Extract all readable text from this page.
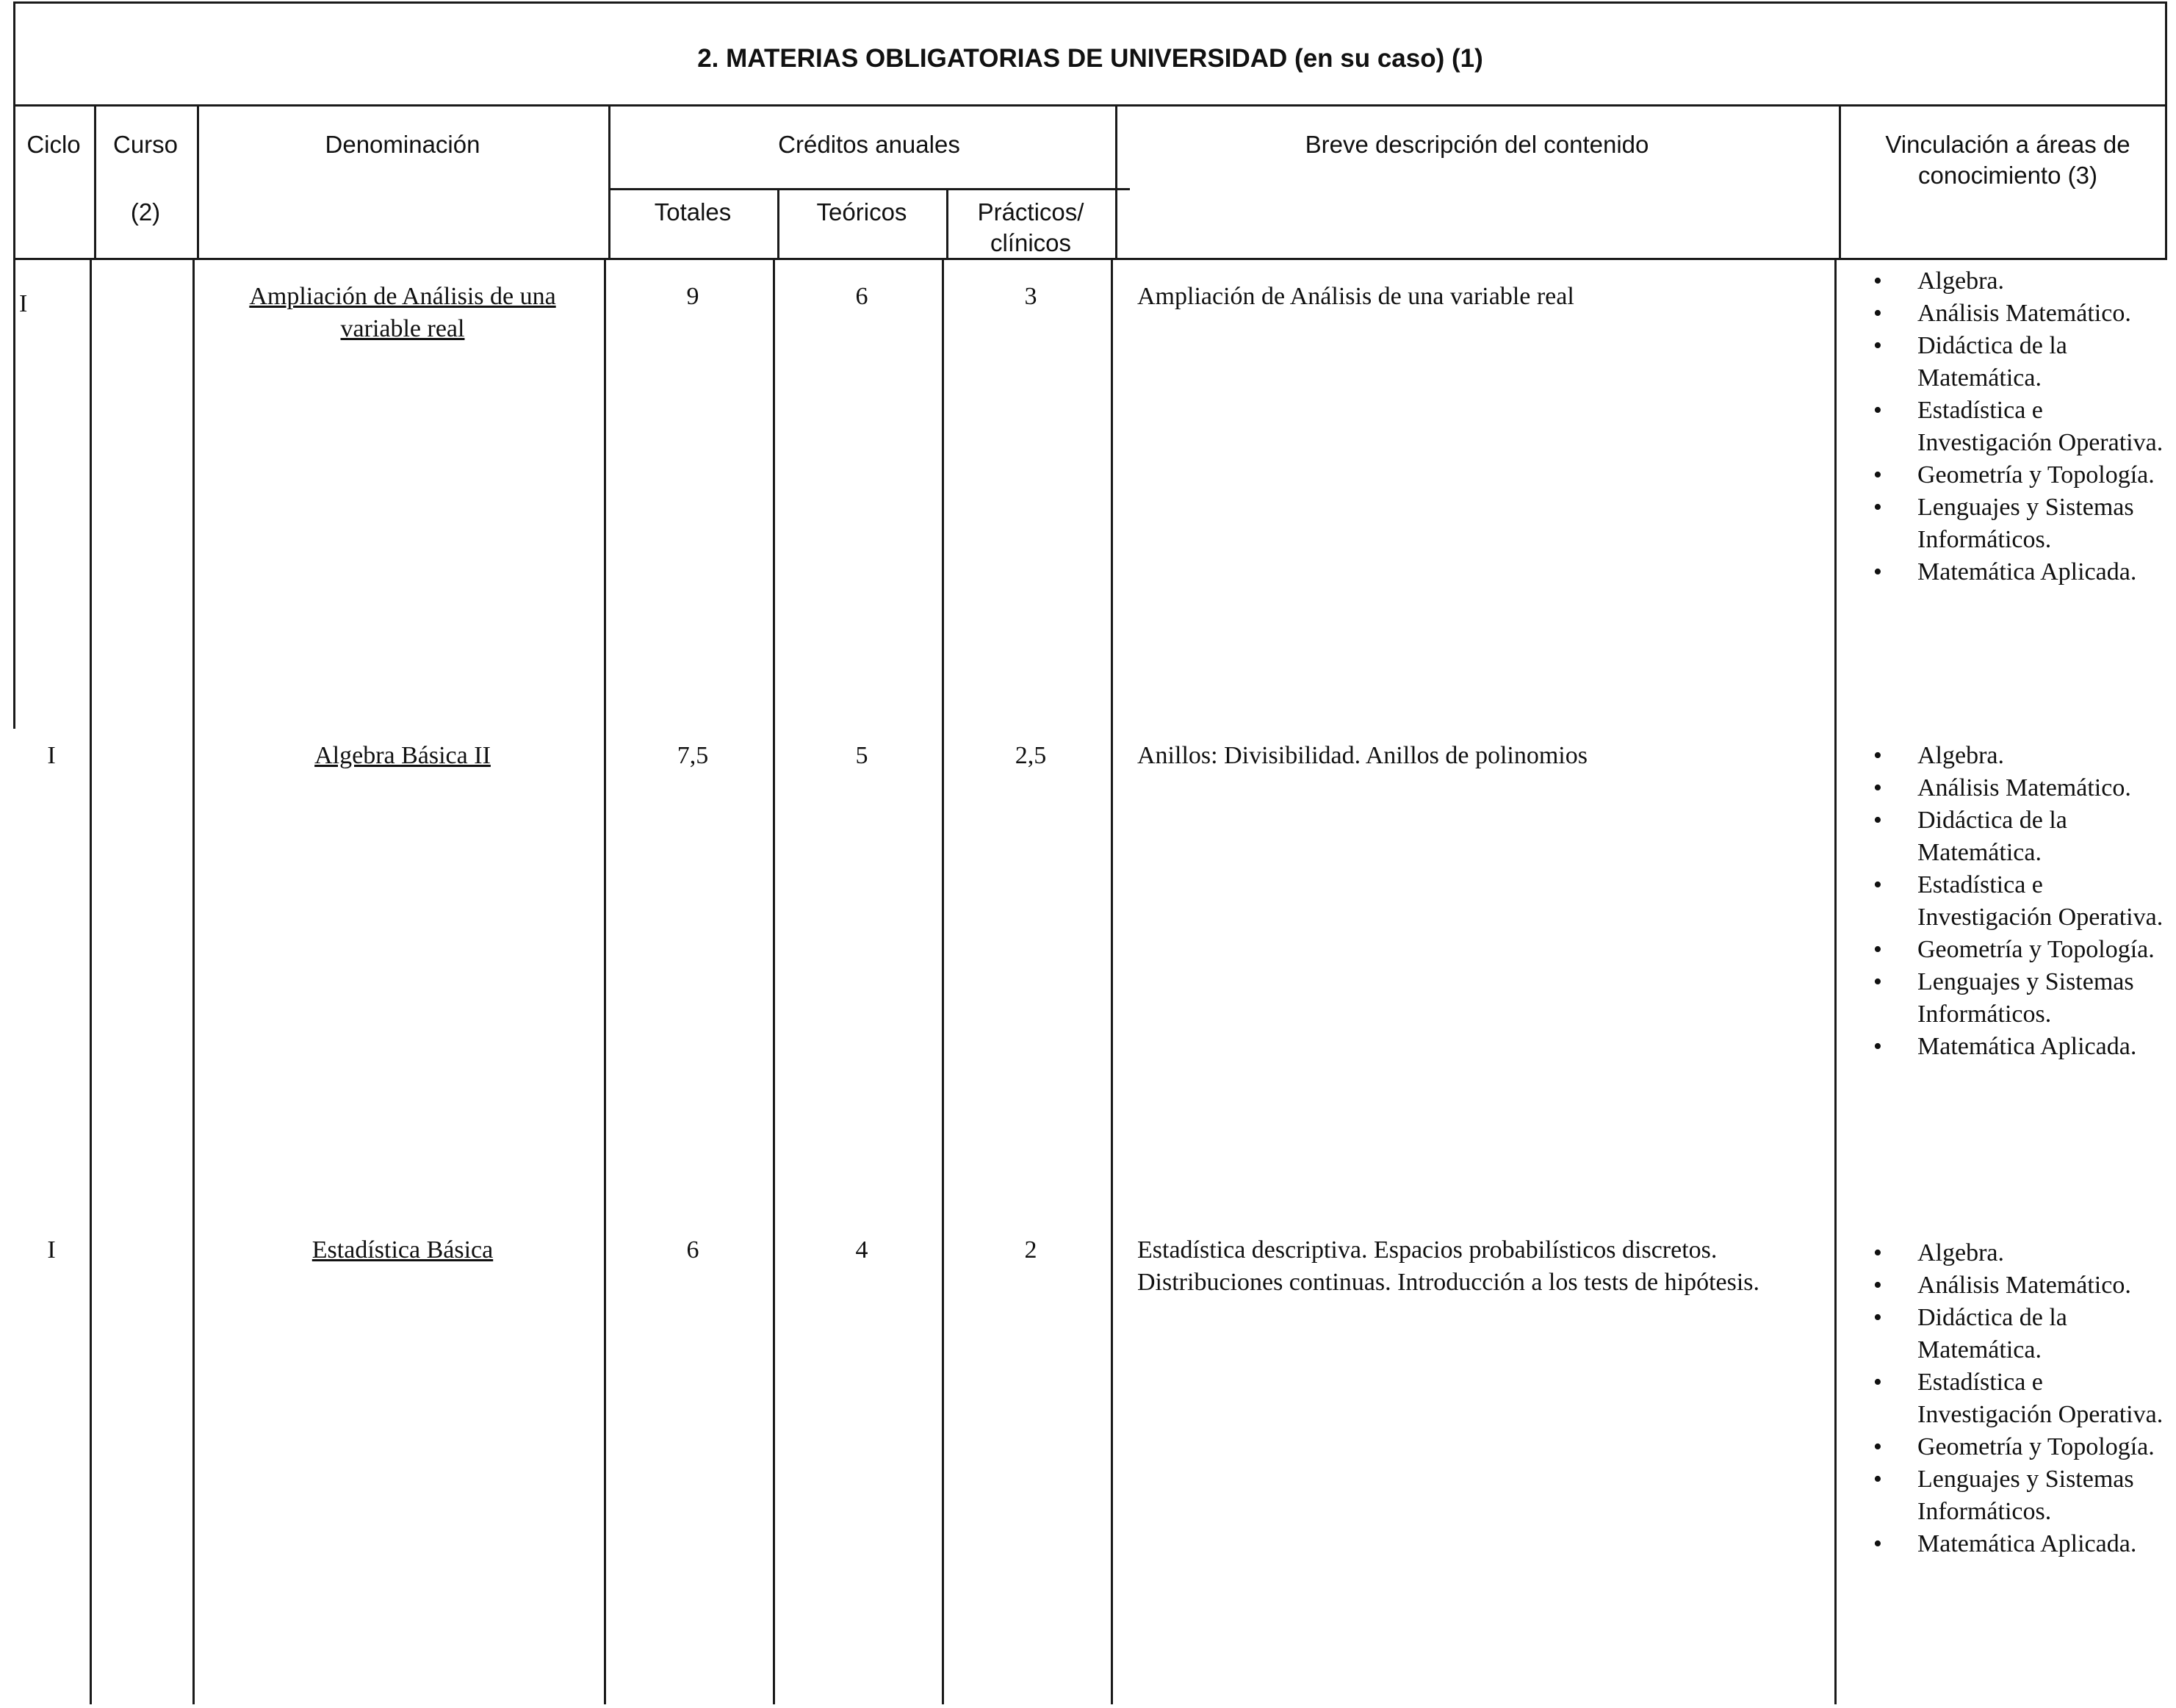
2. MATERIAS OBLIGATORIAS DE UNIVERSIDAD (en su caso) (1)
Ciclo	Curso
(2)
Denominación	Créditos anuales
Totales	Teóricos	Prácticos/ clínicos
Breve descripción del contenido	Vinculación a áreas de conocimiento (3)
I	Ampliación de Análisis de una variable real
9	6	3	Ampliación de Análisis de una variable real
• Algebra.
• Análisis Matemático.
• Didáctica de la Matemática.
• Estadística e Investigación Operativa.
• Geometría y Topología.
• Lenguajes y Sistemas Informáticos.
• Matemática Aplicada.
I	Algebra Básica II	7,5	5	2,5	Anillos: Divisibilidad. Anillos de polinomios
•	Algebra.
• Análisis Matemático.
• Didáctica de la Matemática.
• Estadística e Investigación Operativa.
• Geometría y Topología.
• Lenguajes y Sistemas Informáticos.
• Matemática Aplicada.
I	Estadística Básica	6	4	2	Estadística descriptiva. Espacios probabilísticos discretos. Distribuciones continuas. Introducción a los tests de hipótesis.
• Algebra.
• Análisis Matemático.
• Didáctica de la Matemática.
• Estadística e Investigación Operativa.
• Geometría y Topología.
• Lenguajes y Sistemas Informáticos.
• Matemática Aplicada.
